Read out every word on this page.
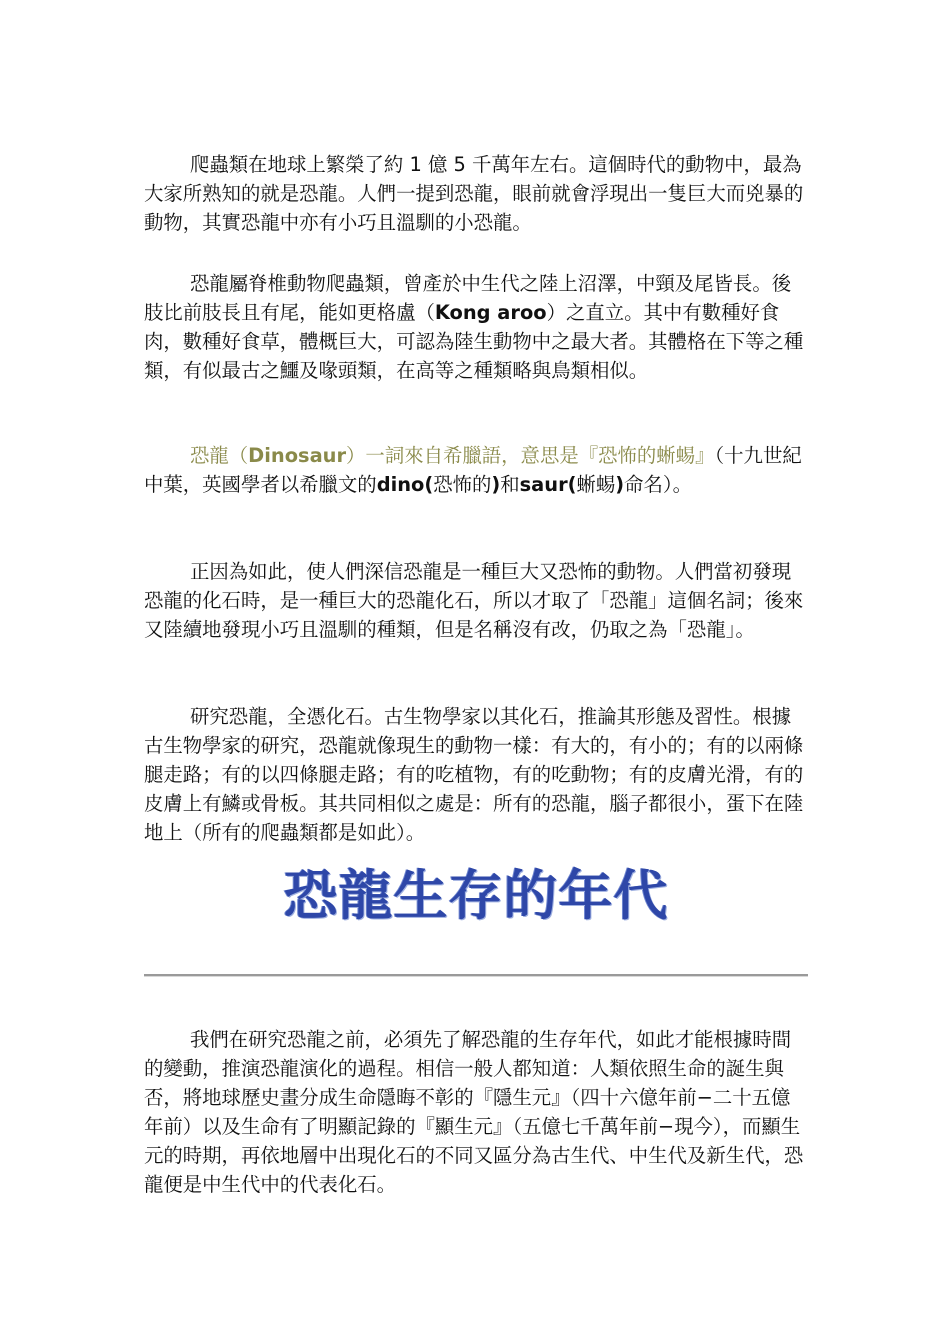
爬蟲類在地球上繁榮了約 1 億 5 千萬年左右。這個時代的動物中，最為大家所熟知的就是恐龍。人們一提到恐龍，眼前就會浮現出一隻巨大而兇暴的動物，其實恐龍中亦有小巧且溫馴的小恐龍。

恐龍屬脊椎動物爬蟲類，曾產於中生代之陸上沼澤，中頸及尾皆長。後肢比前肢長且有尾，能如更格盧（Kong aroo）之直立。其中有數種好食肉，數種好食草，體概巨大，可認為陸生動物中之最大者。其體格在下等之種類，有似最古之鱷及喙頭類，在高等之種類略與鳥類相似。

恐龍（Dinosaur）一詞來自希臘語，意思是『恐怖的蜥蜴』（十九世紀中葉，英國學者以希臘文的dino(恐怖的)和saur(蜥蜴)命名）。

正因為如此，使人們深信恐龍是一種巨大又恐怖的動物。人們當初發現恐龍的化石時，是一種巨大的恐龍化石，所以才取了「恐龍」這個名詞；後來又陸續地發現小巧且溫馴的種類，但是名稱沒有改，仍取之為「恐龍」。

研究恐龍，全憑化石。古生物學家以其化石，推論其形態及習性。根據古生物學家的研究，恐龍就像現生的動物一樣：有大的，有小的；有的以兩條腿走路；有的以四條腿走路；有的吃植物，有的吃動物；有的皮膚光滑，有的皮膚上有鱗或骨板。其共同相似之處是：所有的恐龍，腦子都很小，蛋下在陸地上（所有的爬蟲類都是如此）。

恐龍生存的年代

我們在研究恐龍之前，必須先了解恐龍的生存年代，如此才能根據時間的變動，推演恐龍演化的過程。相信一般人都知道：人類依照生命的誕生與否，將地球歷史畫分成生命隱晦不彰的『隱生元』（四十六億年前−二十五億年前）以及生命有了明顯記錄的『顯生元』（五億七千萬年前−現今），而顯生元的時期，再依地層中出現化石的不同又區分為古生代、中生代及新生代，恐龍便是中生代中的代表化石。
